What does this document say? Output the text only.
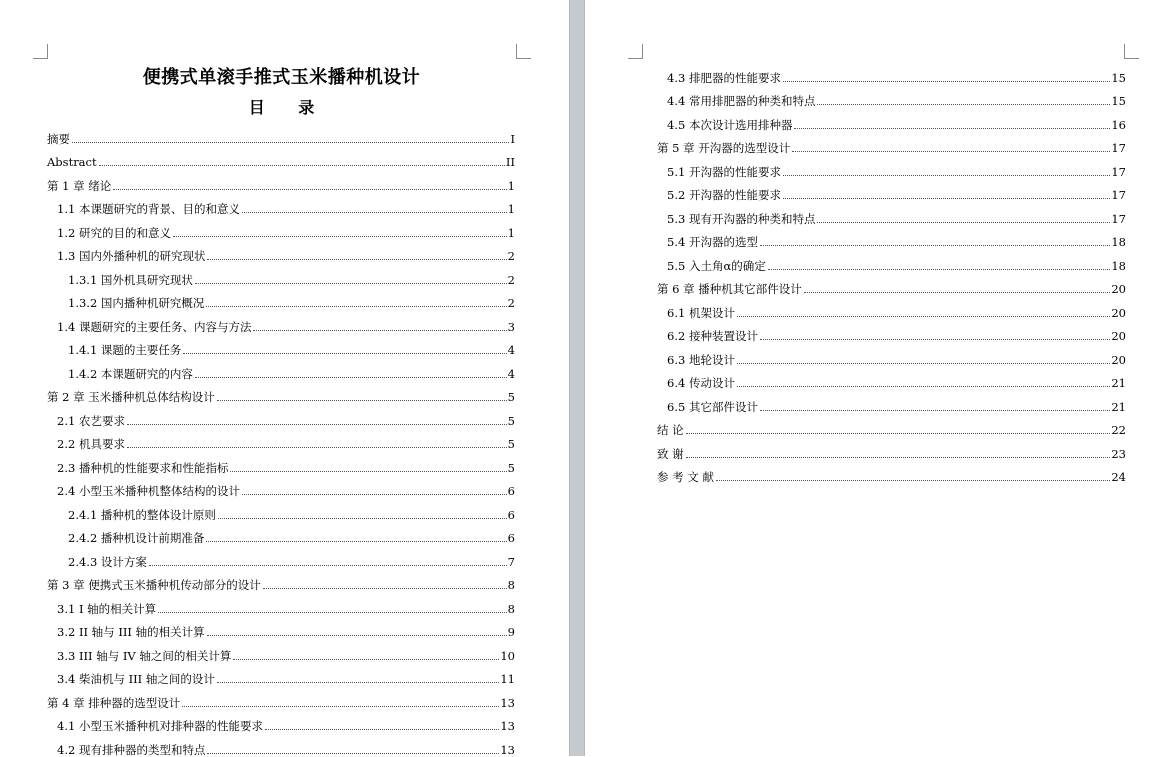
便携式单滚手推式玉米播种机设计
目 录
摘要	I
Abstract	II
第 1 章 绪论	1
1.1 本课题研究的背景、目的和意义	1
1.2 研究的目的和意义	1
1.3 国内外播种机的研究现状	2
1.3.1 国外机具研究现状	2
1.3.2 国内播种机研究概况	2
1.4 课题研究的主要任务、内容与方法	3
1.4.1 课题的主要任务	4
1.4.2 本课题研究的内容	4
第 2 章 玉米播种机总体结构设计	5
2.1 农艺要求	5
2.2 机具要求	5
2.3 播种机的性能要求和性能指标	5
2.4 小型玉米播种机整体结构的设计	6
2.4.1 播种机的整体设计原则	6
2.4.2 播种机设计前期准备	6
2.4.3 设计方案	7
第 3 章 便携式玉米播种机传动部分的设计	8
3.1 I 轴的相关计算	8
3.2 II 轴与 III 轴的相关计算	9
3.3 III 轴与 IV 轴之间的相关计算	10
3.4 柴油机与 III 轴之间的设计	11
第 4 章 排种器的选型设计	13
4.1 小型玉米播种机对排种器的性能要求	13
4.2 现有排种器的类型和特点	13
4.3 排肥器的性能要求	15
4.4 常用排肥器的种类和特点	15
4.5 本次设计选用排种器	16
第 5 章 开沟器的选型设计	17
5.1 开沟器的性能要求	17
5.2 开沟器的性能要求	17
5.3 现有开沟器的种类和特点	17
5.4 开沟器的选型	18
5.5 入土角α的确定	18
第 6 章 播种机其它部件设计	20
6.1 机架设计	20
6.2 接种装置设计	20
6.3 地轮设计	20
6.4 传动设计	21
6.5 其它部件设计	21
结 论	22
致 谢	23
参 考 文 献	24
